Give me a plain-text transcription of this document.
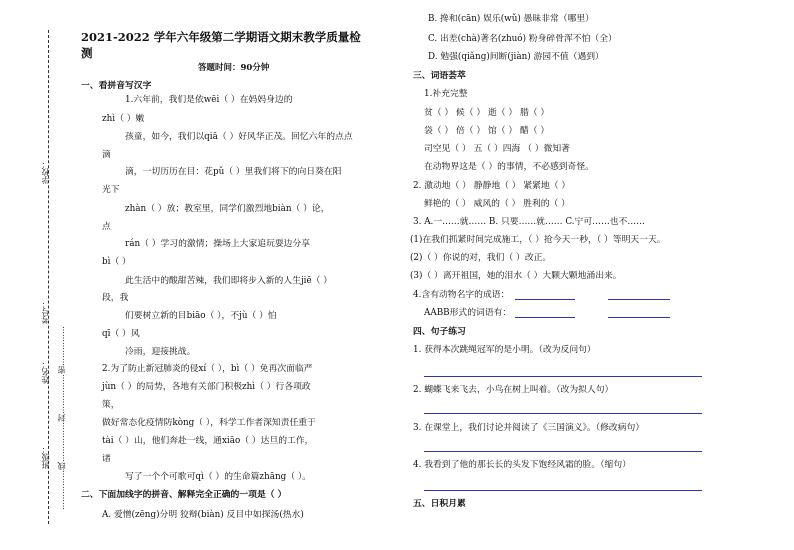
班级：
姓名：
考号：
学校：
……………线……………封……………密……………
2021-2022 学年六年级第二学期语文期末教学质量检
测
答题时间：90分钟
一、看拼音写汉字
1.六年前，我们是依wēi（ ）在妈妈身边的
zhì（ ）嫩
孩童，如今，我们以qiā（ ）好风华正茂。回忆六年的点点
滴
滴，一切历历在目：花pǔ（ ）里我们将下的向日葵在阳
光下
zhàn（ ）放；教室里，同学们激烈地biàn（ ）论，
点
rán（ ）学习的激情；操场上大家追玩耍边分享
bì（ ）
此生活中的酸甜苦辣，我们即将步入新的人生jiē（ ）
段，我
们要树立新的目biāo（ ），不jù（ ）怕
qī（ ）风
冷雨，迎接挑战。
2.为了防止新冠肺炎的侵xí（ ），bì（ ）免再次面临严
jùn（ ）的局势，各地有关部门积极zhì（ ）行各项政
策，
做好常态化疫情防kòng（ ），科学工作者深知责任重于
tài（ ）山，他们奔赴一线，通xiāo（ ）达旦的工作，
诸
写了一个个可歌可qì（ ）的生命篇zhāng（ ）。
二、下面加线字的拼音、解释完全正确的一项是（ ）
A. 爱憎(zēng)分明 狡辩(biàn) 反目中如探汤(热水)
B. 搀和(cān) 娱乐(wǔ) 愚昧非常（哪里）
C. 出差(chà)著名(zhuó) 粉身碎骨浑不怕（全）
D. 勉强(qiǎng)间断(jiàn) 游园不值（遇到）
三、词语荟萃
1.补充完整
贫（ ） 候（ ） 逝（ ） 腊（ ）
袋（ ） 倍（ ） 馆（ ） 醋（ ）
司空见（ ） 五（ ）四海 （ ）微知著
在动物界这是（ ）的事情，不必感到奇怪。
2. 激动地（ ） 静静地（ ） 紧紧地（ ）
鲜艳的（ ） 威风的（ ） 胜利的（ ）
3. A.一……就…… B. 只要……就…… C.宁可……也不……
(1)在我们抓紧时间完成施工，（ ）抢今天一秒，（ ）等明天一天。
(2)（ ）你说的对，我们（ ）改正。
(3)（ ）离开祖国，她的泪水（ ）大颗大颗地涌出来。
4.含有动物名字的成语：
AABB形式的词语有：
四、句子练习
1. 获得本次跳绳冠军的是小明。（改为反问句）
2. 蝴蝶飞来飞去，小鸟在树上叫着。（改为拟人句）
3. 在课堂上，我们讨论并阅读了《三国演义》。（修改病句）
4. 我看到了他的那长长的头发下饱经风霜的脸。（缩句）
五、日积月累
